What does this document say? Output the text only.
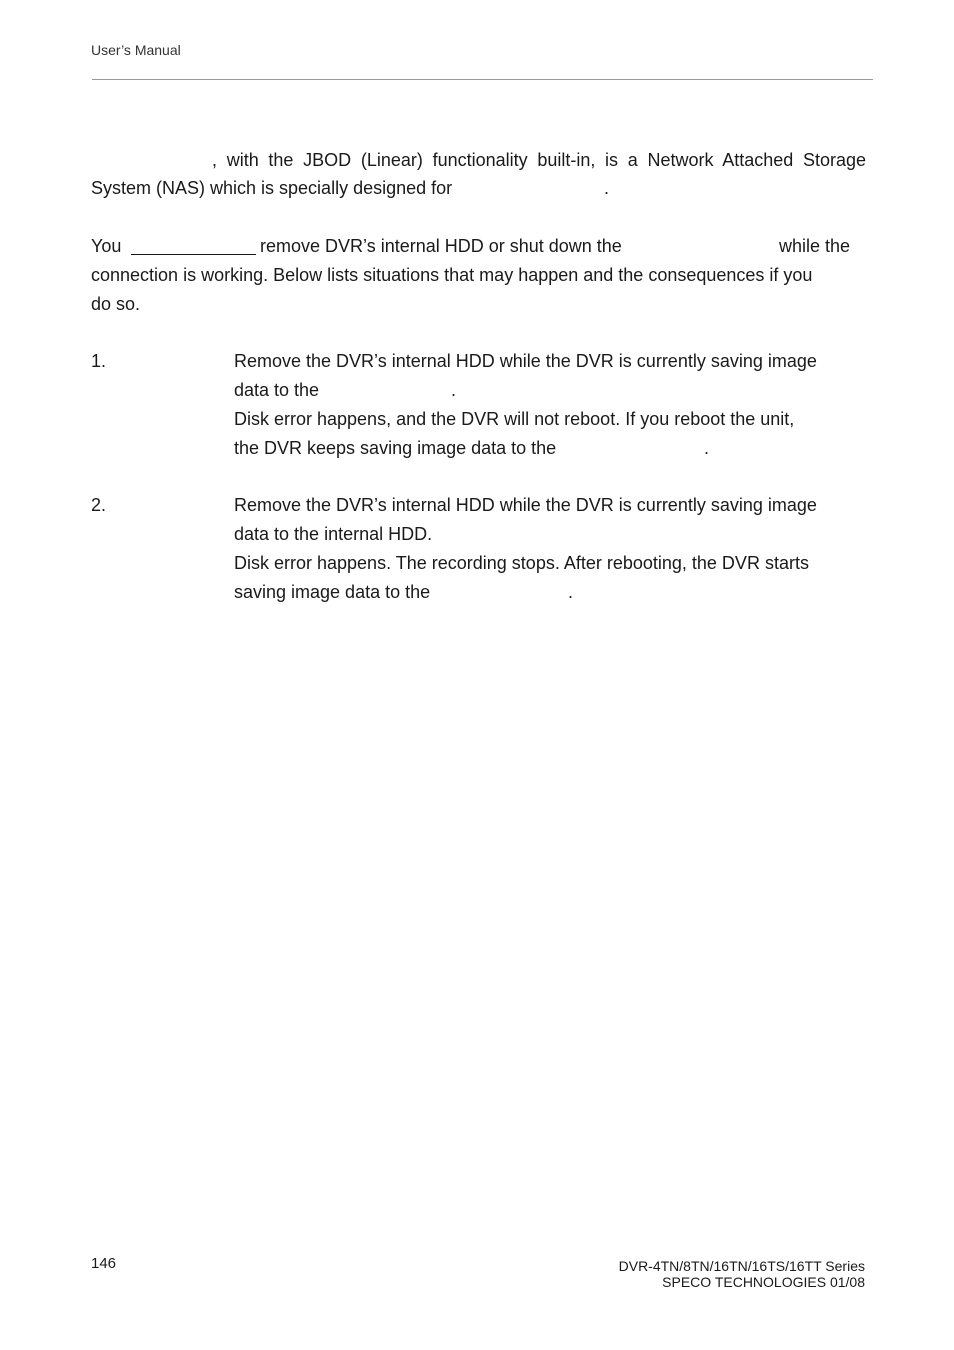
User’s Manual
, with the JBOD (Linear) functionality built-in, is a Network Attached Storage
System (NAS) which is specially designed for	.
You	remove DVR’s internal HDD or shut down the	while the
connection is working. Below lists situations that may happen and the consequences if you
do so.
1.	Remove the DVR’s internal HDD while the DVR is currently saving image
data to the	.
Disk error happens, and the DVR will not reboot. If you reboot the unit,
the DVR keeps saving image data to the	.
2.	Remove the DVR’s internal HDD while the DVR is currently saving image
data to the internal HDD.
Disk error happens. The recording stops. After rebooting, the DVR starts
saving image data to the	.
146	DVR-4TN/8TN/16TN/16TS/16TT Series
SPECO TECHNOLOGIES 01/08
